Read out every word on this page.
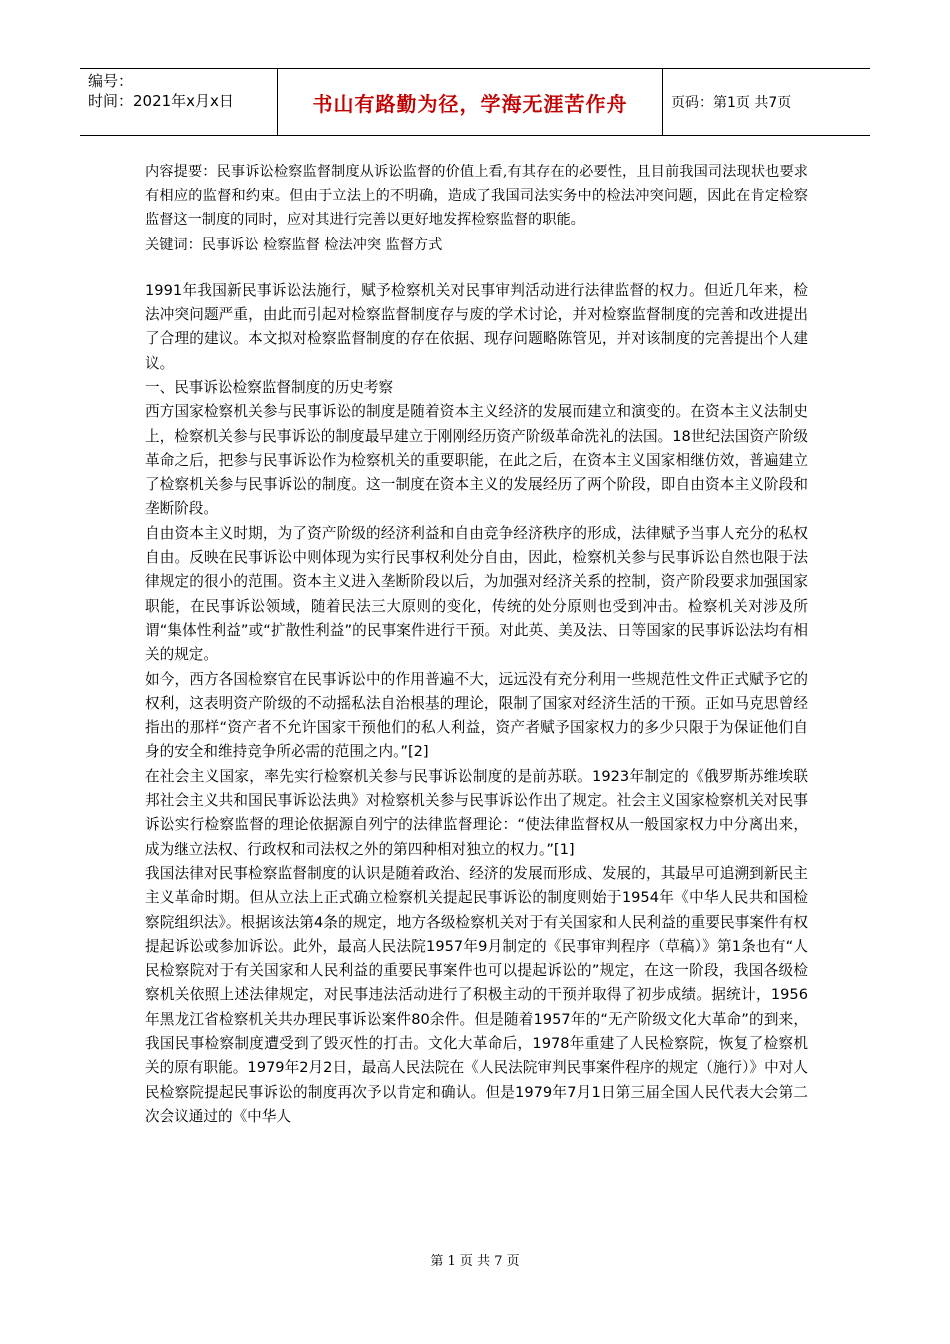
编号：
时间：2021年x月x日	书山有路勤为径，学海无涯苦作舟	页码：第1页 共7页

内容提要：民事诉讼检察监督制度从诉讼监督的价值上看,有其存在的必要性，且目前我国司法现状也要求有相应的监督和约束。但由于立法上的不明确，造成了我国司法实务中的检法冲突问题，因此在肯定检察监督这一制度的同时，应对其进行完善以更好地发挥检察监督的职能。

关键词：民事诉讼 检察监督 检法冲突 监督方式

1991年我国新民事诉讼法施行，赋予检察机关对民事审判活动进行法律监督的权力。但近几年来，检法冲突问题严重，由此而引起对检察监督制度存与废的学术讨论，并对检察监督制度的完善和改进提出了合理的建议。本文拟对检察监督制度的存在依据、现存问题略陈管见，并对该制度的完善提出个人建议。

一、民事诉讼检察监督制度的历史考察

西方国家检察机关参与民事诉讼的制度是随着资本主义经济的发展而建立和演变的。在资本主义法制史上，检察机关参与民事诉讼的制度最早建立于刚刚经历资产阶级革命洗礼的法国。18世纪法国资产阶级革命之后，把参与民事诉讼作为检察机关的重要职能，在此之后，在资本主义国家相继仿效，普遍建立了检察机关参与民事诉讼的制度。这一制度在资本主义的发展经历了两个阶段，即自由资本主义阶段和垄断阶段。

自由资本主义时期，为了资产阶级的经济利益和自由竞争经济秩序的形成，法律赋予当事人充分的私权自由。反映在民事诉讼中则体现为实行民事权利处分自由，因此，检察机关参与民事诉讼自然也限于法律规定的很小的范围。资本主义进入垄断阶段以后，为加强对经济关系的控制，资产阶段要求加强国家职能，在民事诉讼领域，随着民法三大原则的变化，传统的处分原则也受到冲击。检察机关对涉及所谓“集体性利益”或“扩散性利益”的民事案件进行干预。对此英、美及法、日等国家的民事诉讼法均有相关的规定。

如今，西方各国检察官在民事诉讼中的作用普遍不大，远远没有充分利用一些规范性文件正式赋予它的权利，这表明资产阶级的不动摇私法自治根基的理论，限制了国家对经济生活的干预。正如马克思曾经指出的那样“资产者不允许国家干预他们的私人利益，资产者赋予国家权力的多少只限于为保证他们自身的安全和维持竞争所必需的范围之内。”[2]

在社会主义国家，率先实行检察机关参与民事诉讼制度的是前苏联。1923年制定的《俄罗斯苏维埃联邦社会主义共和国民事诉讼法典》对检察机关参与民事诉讼作出了规定。社会主义国家检察机关对民事诉讼实行检察监督的理论依据源自列宁的法律监督理论：“使法律监督权从一般国家权力中分离出来，成为继立法权、行政权和司法权之外的第四种相对独立的权力。”[1]

我国法律对民事检察监督制度的认识是随着政治、经济的发展而形成、发展的，其最早可追溯到新民主主义革命时期。但从立法上正式确立检察机关提起民事诉讼的制度则始于1954年《中华人民共和国检察院组织法》。根据该法第4条的规定，地方各级检察机关对于有关国家和人民利益的重要民事案件有权提起诉讼或参加诉讼。此外，最高人民法院1957年9月制定的《民事审判程序（草稿）》第1条也有“人民检察院对于有关国家和人民利益的重要民事案件也可以提起诉讼的”规定，在这一阶段，我国各级检察机关依照上述法律规定，对民事违法活动进行了积极主动的干预并取得了初步成绩。据统计，1956年黑龙江省检察机关共办理民事诉讼案件80余件。但是随着1957年的“无产阶级文化大革命”的到来，我国民事检察制度遭受到了毁灭性的打击。文化大革命后，1978年重建了人民检察院，恢复了检察机关的原有职能。1979年2月2日，最高人民法院在《人民法院审判民事案件程序的规定（施行）》中对人民检察院提起民事诉讼的制度再次予以肯定和确认。但是1979年7月1日第三届全国人民代表大会第二次会议通过的《中华人

第 1 页 共 7 页
